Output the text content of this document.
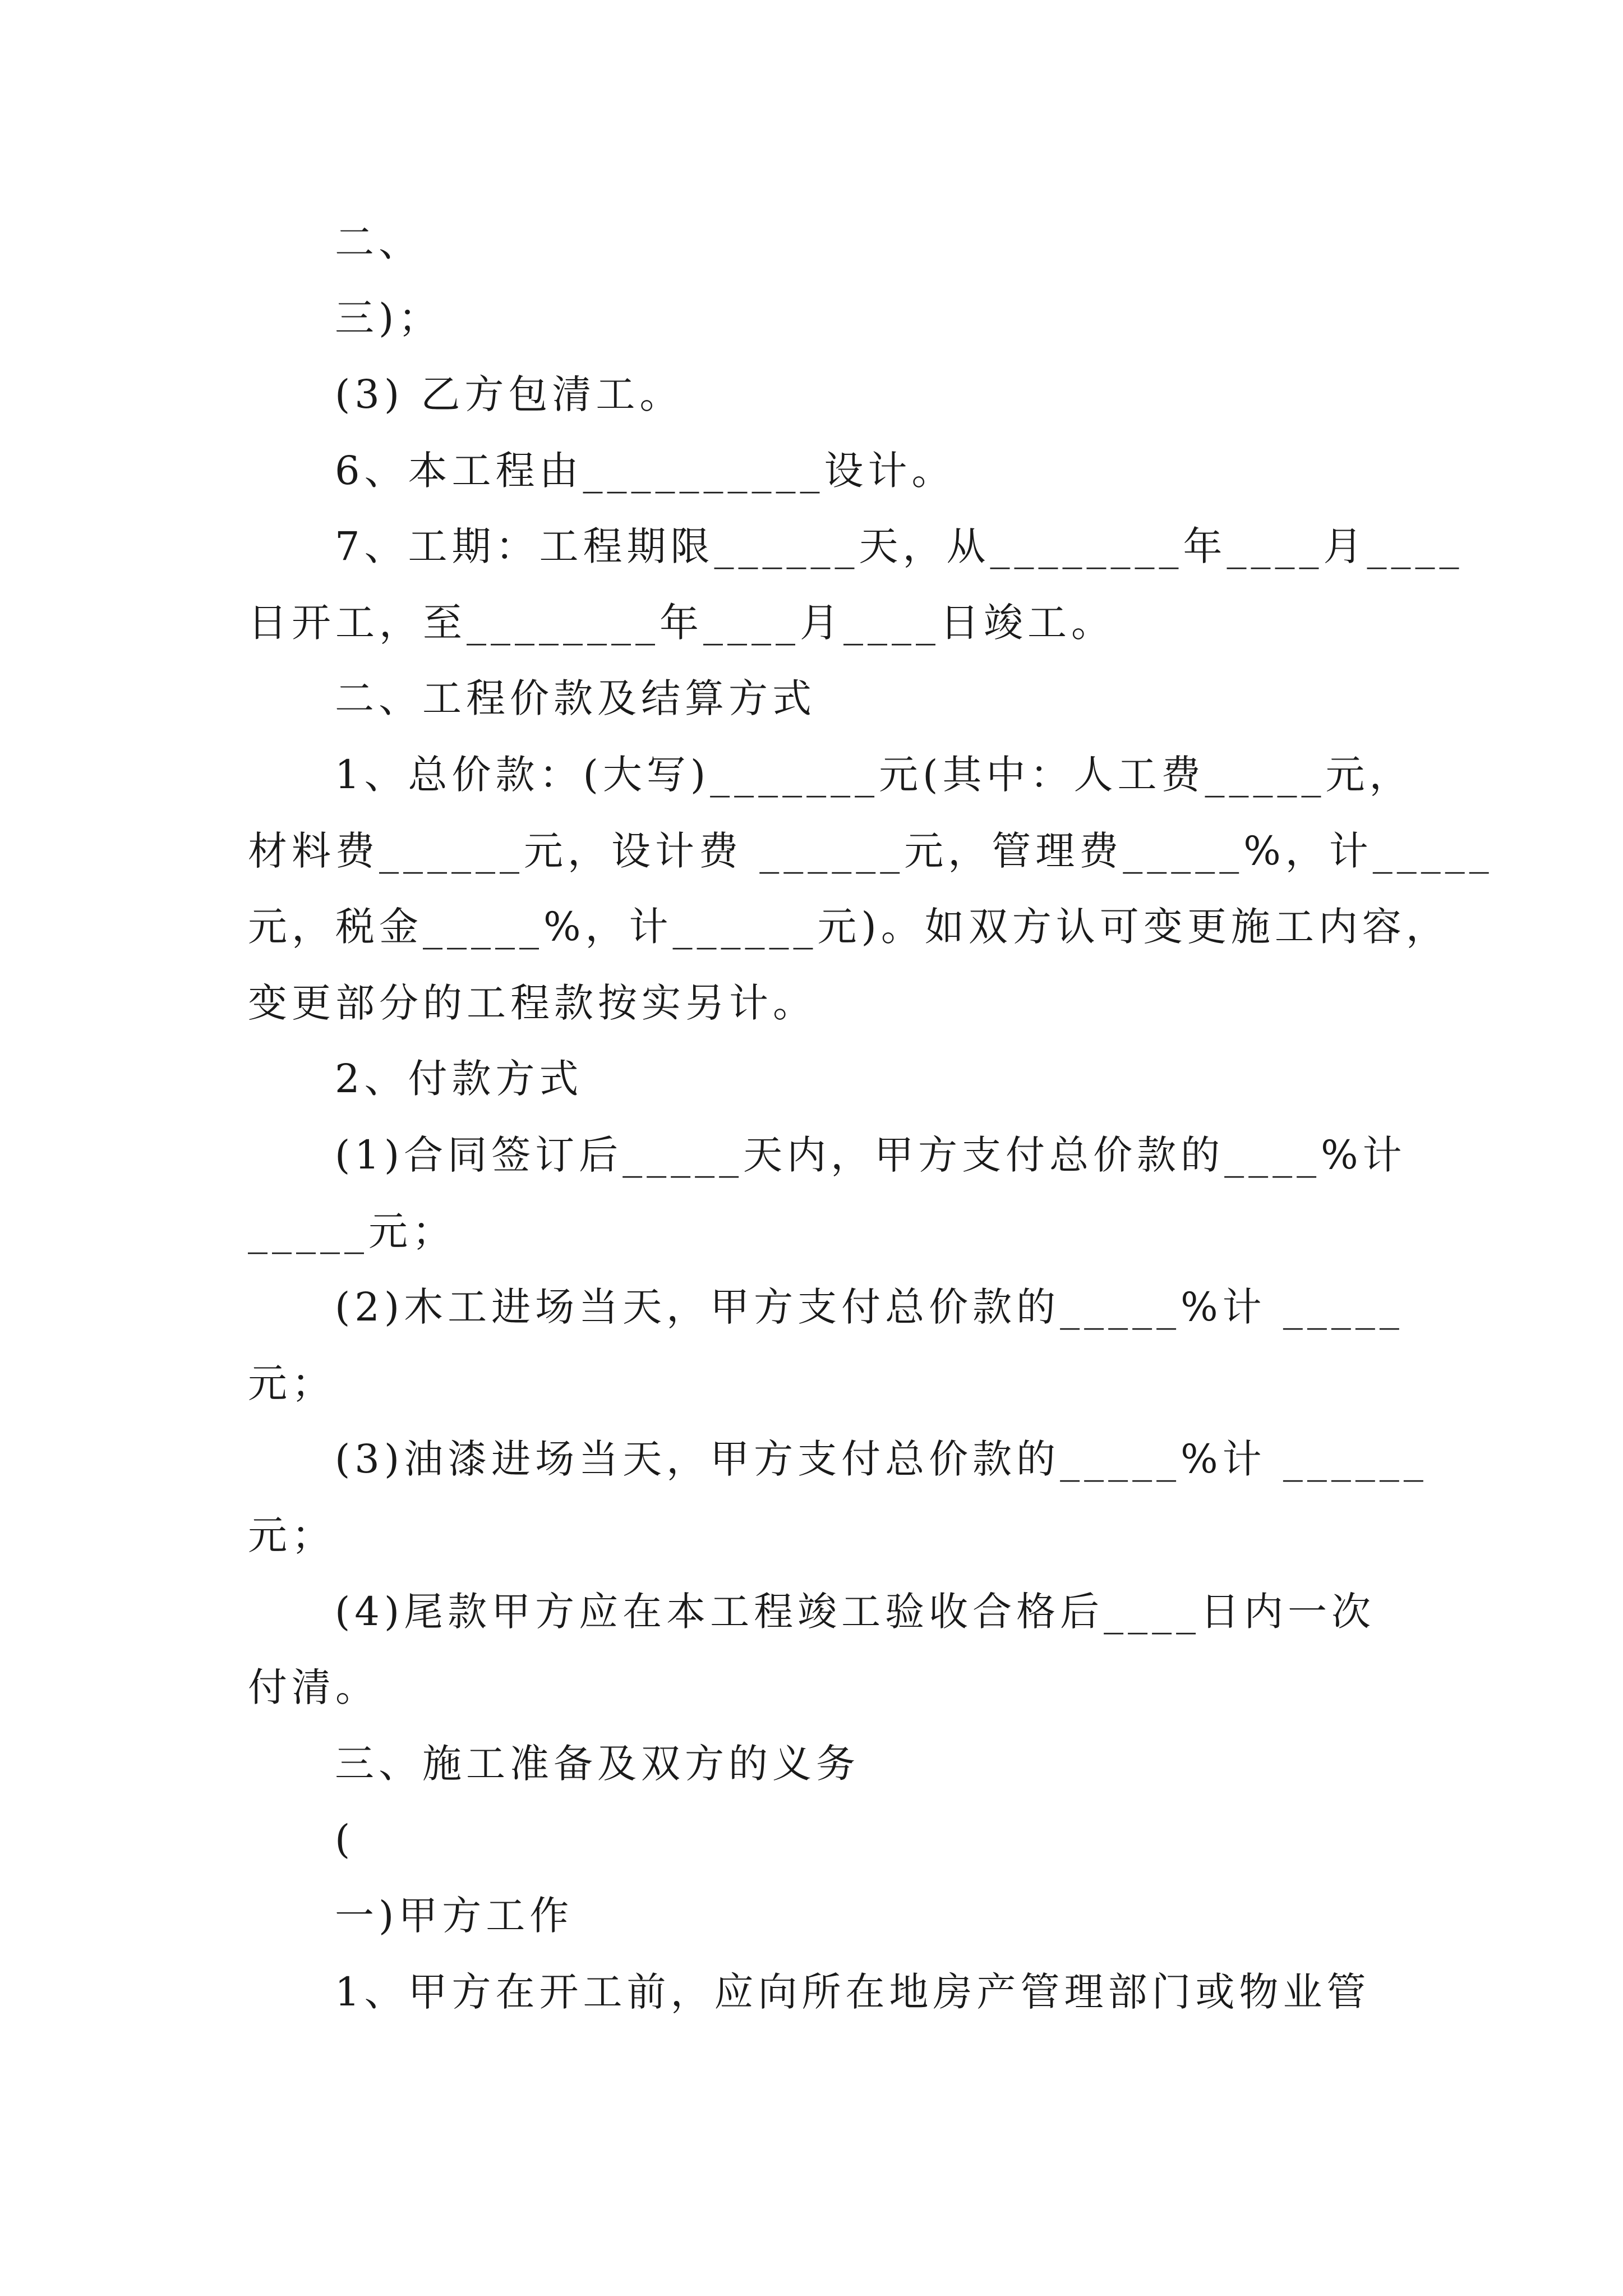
二、
三)；
(3) 乙方包清工。
6、本工程由__________设计。
7、工期：工程期限______天，从________年____月____
日开工，至________年____月____日竣工。
二、工程价款及结算方式
1、总价款：(大写)_______元(其中：人工费_____元，
材料费______元，设计费 ______元，管理费_____%，计_____
元，税金_____%，计______元)。如双方认可变更施工内容，
变更部分的工程款按实另计。
2、付款方式
(1)合同签订后_____天内，甲方支付总价款的____%计
_____元；
(2)木工进场当天，甲方支付总价款的_____%计 _____
元；
(3)油漆进场当天，甲方支付总价款的_____%计 ______
元；
(4)尾款甲方应在本工程竣工验收合格后____日内一次
付清。
三、施工准备及双方的义务
(
一)甲方工作
1、甲方在开工前，应向所在地房产管理部门或物业管
